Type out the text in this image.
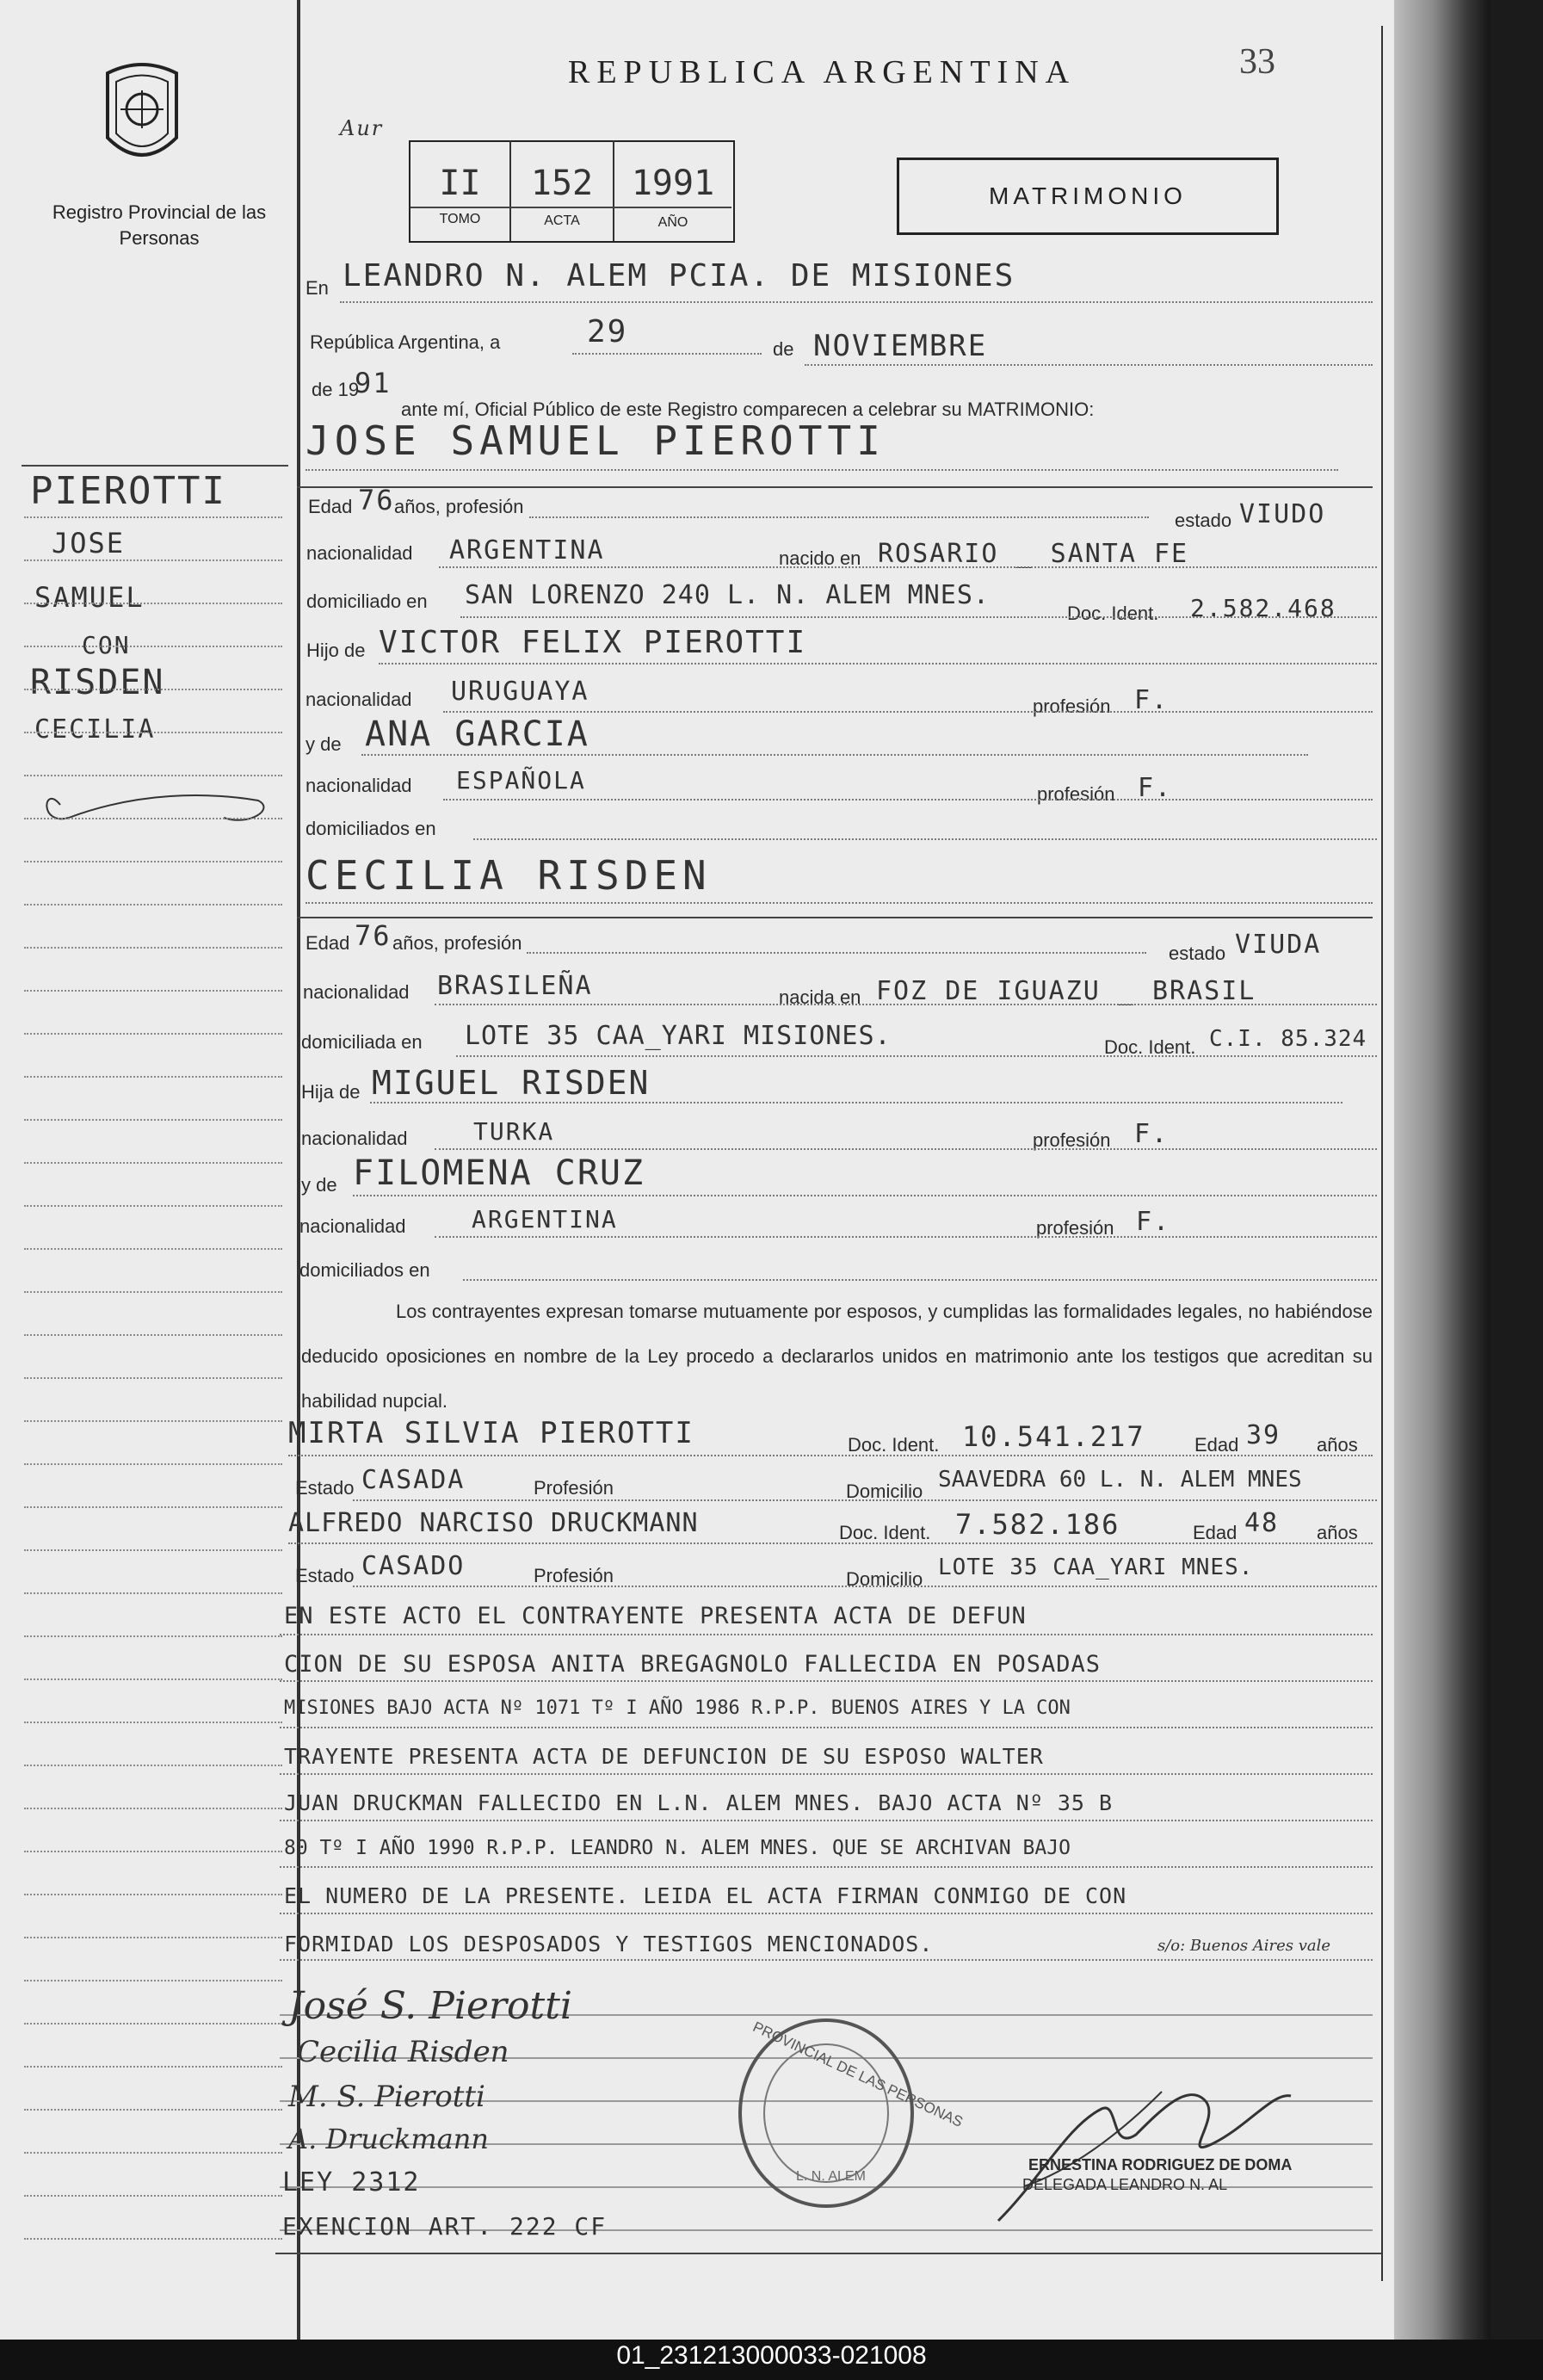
Registro Provincial de las Personas
Aur
REPUBLICA ARGENTINA	33
II	152	1991
TOMO	ACTA	AÑO
MATRIMONIO
En LEANDRO N. ALEM PCIA. DE MISIONES
República Argentina, a	29	de NOVIEMBRE
de 19
91
ante mí, Oficial Público de este Registro comparecen a celebrar su MATRIMONIO:
JOSE SAMUEL PIEROTTI
PIEROTTI
JOSE
SAMUEL
CON
RISDEN
CECILIA
Edad 76 años, profesión
estado VIUDO
nacionalidad ARGENTINA	nacido en ROSARIO _ SANTA FE
domiciliado en SAN LORENZO 240 L. N. ALEM MNES.
Doc. Ident. 2.582.468
Hijo de VICTOR FELIX PIEROTTI
nacionalidad URUGUAYA	profesión F.
y de ANA GARCIA
nacionalidad ESPAÑOLA	profesión F.
domiciliados en
CECILIA RISDEN
Edad 76 años, profesión	estado VIUDA
nacionalidad BRASILEÑA	nacida en FOZ DE IGUAZU _ BRASIL
domiciliada en LOTE 35 CAA_YARI MISIONES.	Doc. Ident. C.I. 85.324
Hija de MIGUEL RISDEN
nacionalidad	TURKA	profesión F.
y de FILOMENA CRUZ
nacionalidad	ARGENTINA	profesión F.
domiciliados en
Los contrayentes expresan tomarse mutuamente por esposos, y cumplidas las formalidades legales, no habiéndose deducido oposiciones en nombre de la Ley procedo a declararlos unidos en matrimonio ante los testigos que acreditan su habilidad nupcial.
MIRTA SILVIA PIEROTTI	Doc. Ident. 10.541.217	Edad 39 años
Estado CASADA	Profesión	Domicilio SAAVEDRA 60 L. N. ALEM MNES
ALFREDO NARCISO DRUCKMANN	Doc. Ident. 7.582.186	Edad 48 años
Estado CASADO	Profesión	Domicilio LOTE 35 CAA_YARI MNES.
EN ESTE ACTO EL CONTRAYENTE PRESENTA ACTA DE DEFUN
CION DE SU ESPOSA ANITA BREGAGNOLO FALLECIDA EN POSADAS
MISIONES BAJO ACTA Nº 1071 Tº I AÑO 1986 R.P.P. BUENOS AIRES Y LA CON
TRAYENTE PRESENTA ACTA DE DEFUNCION DE SU ESPOSO WALTER
JUAN DRUCKMAN FALLECIDO EN L.N. ALEM MNES. BAJO ACTA Nº 35 B
80 Tº I AÑO 1990 R.P.P. LEANDRO N. ALEM MNES. QUE SE ARCHIVAN BAJO
EL NUMERO DE LA PRESENTE. LEIDA EL ACTA FIRMAN CONMIGO DE CON
FORMIDAD LOS DESPOSADOS Y TESTIGOS MENCIONADOS.	s/o: Buenos Aires vale
José S. Pierotti
Cecilia Risden
M. S. Pierotti
A. Druckmann
LEY 2312
EXENCION ART. 222 CF
PROVINCIAL DE LAS PERSONAS
L. N. ALEM
ERNESTINA RODRIGUEZ DE DOMA
DELEGADA LEANDRO N. AL
01_231213000033-021008
